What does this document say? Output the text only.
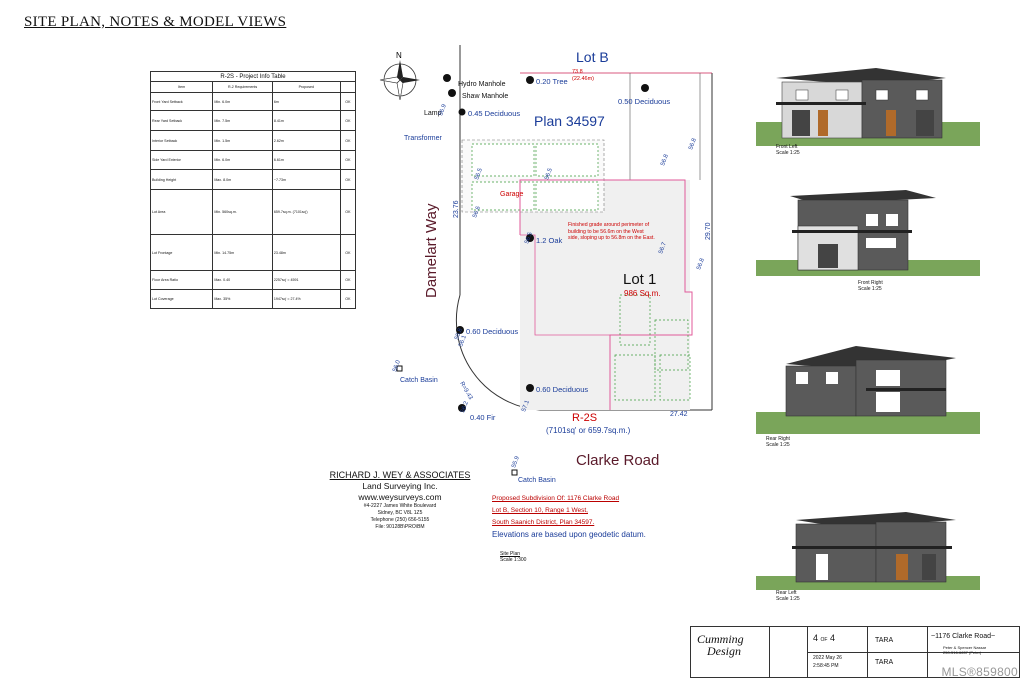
SITE PLAN, NOTES & MODEL VIEWS
R-2S - Project Info Table			
Item	R-2 Requirements	Proposed	
Front Yard Setback	Min. 6.0m	6m	OK
Rear Yard Setback	Min. 7.5m	8.41m	OK
Interior Setback	Min. 1.5m	2.62m	OK
Side Yard Exterior	Min. 6.0m	6.61m	OK
Building Height	Max. 8.0m	~7.73m	OK
Lot Area	Min. 560sq.m.	659.7sq.m. (7101sq')	OK
Lot Frontage	Min. 14.75m	23.48m	OK
Floor Area Ratio	Max. 0.40	2257sq' = 4591	OK
Lot Coverage	Max. 35%	1947sq' = 27.4%	OK
N	Lot B
Plan 34597
Damelart Way
Clarke Road
R-2S
(7101sq' or 659.7sq.m.)
Lot 1
986 Sq.m.
Garage
Finished grade around perimeter of building to be 56.6m on the West side, sloping up to 56.8m on the East.
0.20 Tree
0.50 Deciduous
0.45 Deciduous
1.2 Oak
0.60 Deciduous
0.60 Deciduous
0.40 Fir
Hydro Manhole
Shaw Manhole
Lamp
Transformer
Catch Basin
Catch Basin
73.8
(22.46m)
29.70
23.76
27.42
R=9.43
56.5
56.8
56.8
56.6
56.9
56.5
56.0
56.7
56.8
56.5
55.8
56.2
55.9
57.1
56.1
RICHARD J. WEY & ASSOCIATES
Land Surveying Inc.
www.weysurveys.com
#4-2227 James White Boulevard
Sidney, BC V8L 1Z5
Telephone (250) 656-5155
File: 90128B\PRO\BM
Proposed Subdivision Of: 1176 Clarke Road
Lot B, Section 10, Range 1 West,
South Saanich District, Plan 34597.
Elevations are based upon geodetic datum.
Site Plan
Scale 1:300
Front Left
Scale 1:25
Front Right
Scale 1:25
Rear Right
Scale 1:25
Rear Left
Scale 1:25
Cumming
Design
4 OF 4	TARA
TARA
2022 May 26
2:58:45 PM
~1176 Clarke Road~
Peter & Spencer Nassar
250-516-6657 (Peter)
MLS®859800
